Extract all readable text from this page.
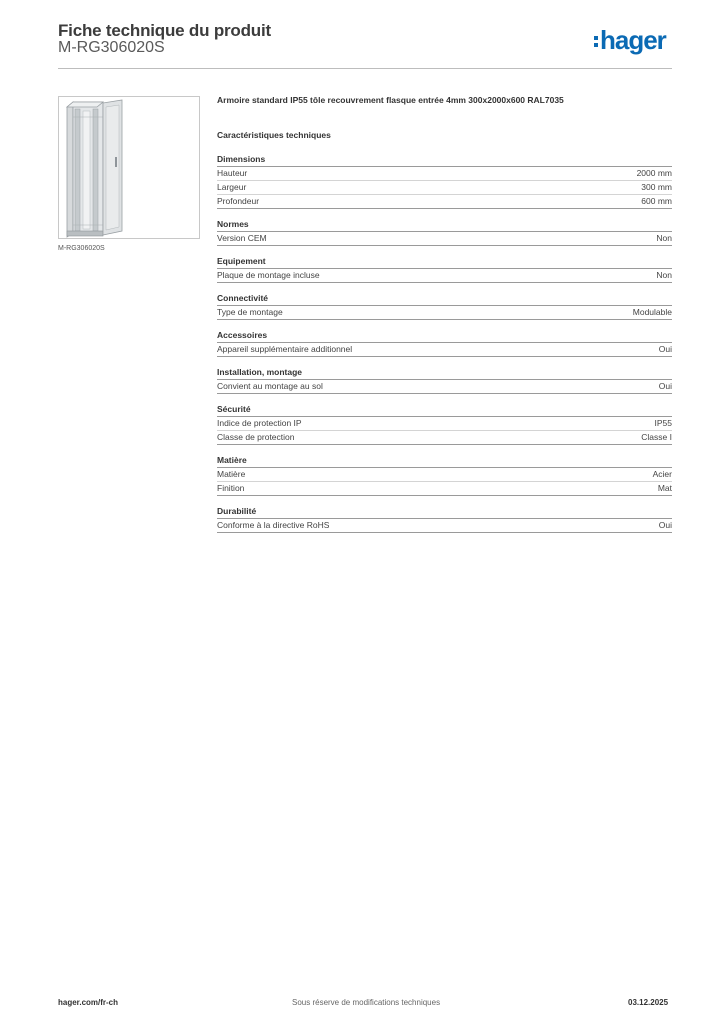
Fiche technique du produit
M-RG306020S	hager
M-RG306020S
Armoire standard IP55 tôle recouvrement flasque entrée 4mm 300x2000x600 RAL7035
Caractéristiques techniques
Dimensions
Hauteur	2000 mm
Largeur	300 mm
Profondeur	600 mm
Normes
Version CEM	Non
Equipement
Plaque de montage incluse	Non
Connectivité
Type de montage	Modulable
Accessoires
Appareil supplémentaire additionnel	Oui
Installation, montage
Convient au montage au sol	Oui
Sécurité
Indice de protection IP	IP55
Classe de protection	Classe I
Matière
Matière	Acier
Finition	Mat
Durabilité
Conforme à la directive RoHS	Oui
hager.com/fr-ch	Sous réserve de modifications techniques	03.12.2025
